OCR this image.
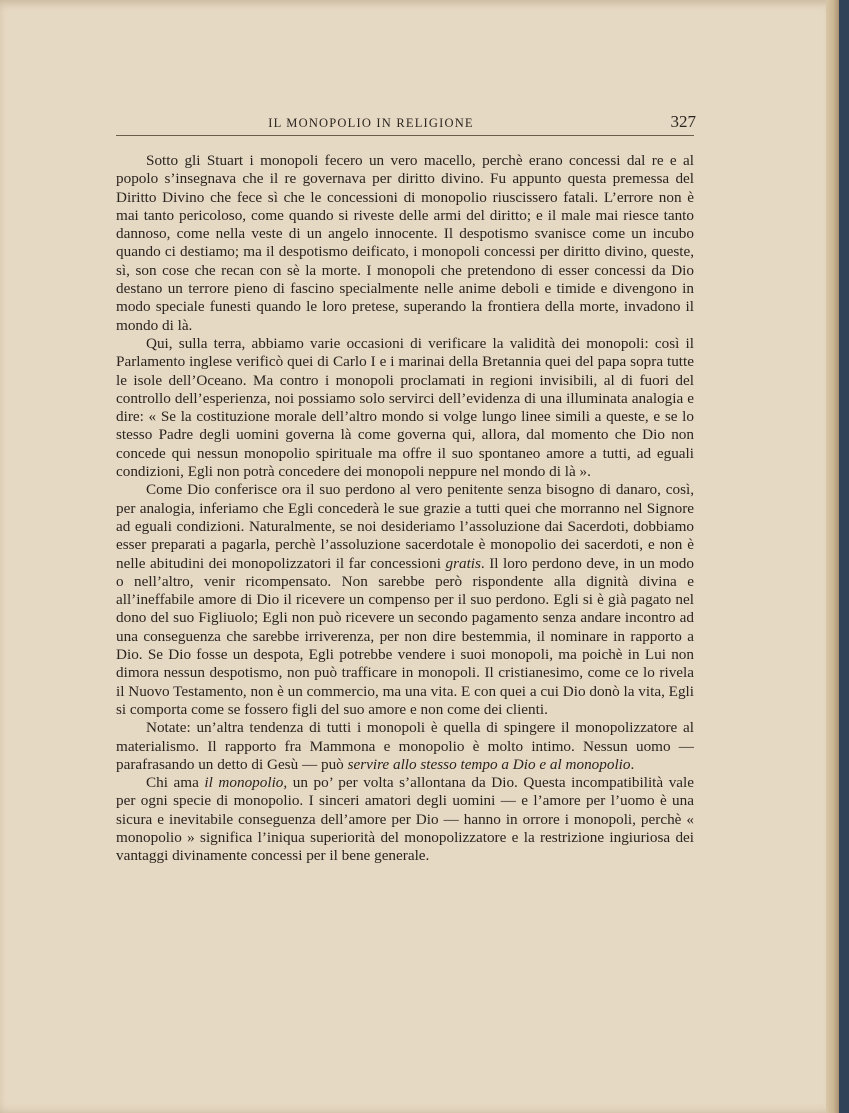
IL MONOPOLIO IN RELIGIONE	327

Sotto gli Stuart i monopoli fecero un vero macello, perchè erano concessi dal re e al popolo s’insegnava che il re governava per diritto divino. Fu appunto questa premessa del Diritto Divino che fece sì che le concessioni di monopolio riuscissero fatali. L’errore non è mai tanto pericoloso, come quando si riveste delle armi del diritto; e il male mai riesce tanto dannoso, come nella veste di un angelo innocente. Il despotismo svanisce come un incubo quando ci destiamo; ma il despotismo deificato, i monopoli concessi per diritto divino, queste, sì, son cose che recan con sè la morte. I monopoli che pretendono di esser concessi da Dio destano un terrore pieno di fascino specialmente nelle anime deboli e timide e divengono in modo speciale funesti quando le loro pretese, superando la frontiera della morte, invadono il mondo di là.

Qui, sulla terra, abbiamo varie occasioni di verificare la validità dei monopoli: così il Parlamento inglese verificò quei di Carlo I e i marinai della Bretannia quei del papa sopra tutte le isole dell’Oceano. Ma contro i monopoli proclamati in regioni invisibili, al di fuori del controllo dell’esperienza, noi possiamo solo servirci dell’evidenza di una illuminata analogia e dire: « Se la costituzione morale dell’altro mondo si volge lungo linee simili a queste, e se lo stesso Padre degli uomini governa là come governa qui, allora, dal momento che Dio non concede qui nessun monopolio spirituale ma offre il suo spontaneo amore a tutti, ad eguali condizioni, Egli non potrà concedere dei monopoli neppure nel mondo di là ».

Come Dio conferisce ora il suo perdono al vero penitente senza bisogno di danaro, così, per analogia, inferiamo che Egli concederà le sue grazie a tutti quei che morranno nel Signore ad eguali condizioni. Naturalmente, se noi desideriamo l’assoluzione dai Sacerdoti, dobbiamo esser preparati a pagarla, perchè l’assoluzione sacerdotale è monopolio dei sacerdoti, e non è nelle abitudini dei monopolizzatori il far concessioni gratis. Il loro perdono deve, in un modo o nell’altro, venir ricompensato. Non sarebbe però rispondente alla dignità divina e all’ineffabile amore di Dio il ricevere un compenso per il suo perdono. Egli si è già pagato nel dono del suo Figliuolo; Egli non può ricevere un secondo pagamento senza andare incontro ad una conseguenza che sarebbe irriverenza, per non dire bestemmia, il nominare in rapporto a Dio. Se Dio fosse un despota, Egli potrebbe vendere i suoi monopoli, ma poichè in Lui non dimora nessun despotismo, non può trafficare in monopoli. Il cristianesimo, come ce lo rivela il Nuovo Testamento, non è un commercio, ma una vita. E con quei a cui Dio donò la vita, Egli si comporta come se fossero figli del suo amore e non come dei clienti.

Notate: un’altra tendenza di tutti i monopoli è quella di spingere il monopolizzatore al materialismo. Il rapporto fra Mammona e monopolio è molto intimo. Nessun uomo — parafrasando un detto di Gesù — può servire allo stesso tempo a Dio e al monopolio.

Chi ama il monopolio, un po’ per volta s’allontana da Dio. Questa incompatibilità vale per ogni specie di monopolio. I sinceri amatori degli uomini — e l’amore per l’uomo è una sicura e inevitabile conseguenza dell’amore per Dio — hanno in orrore i monopoli, perchè « monopolio » significa l’iniqua superiorità del monopolizzatore e la restrizione ingiuriosa dei vantaggi divinamente concessi per il bene generale.
